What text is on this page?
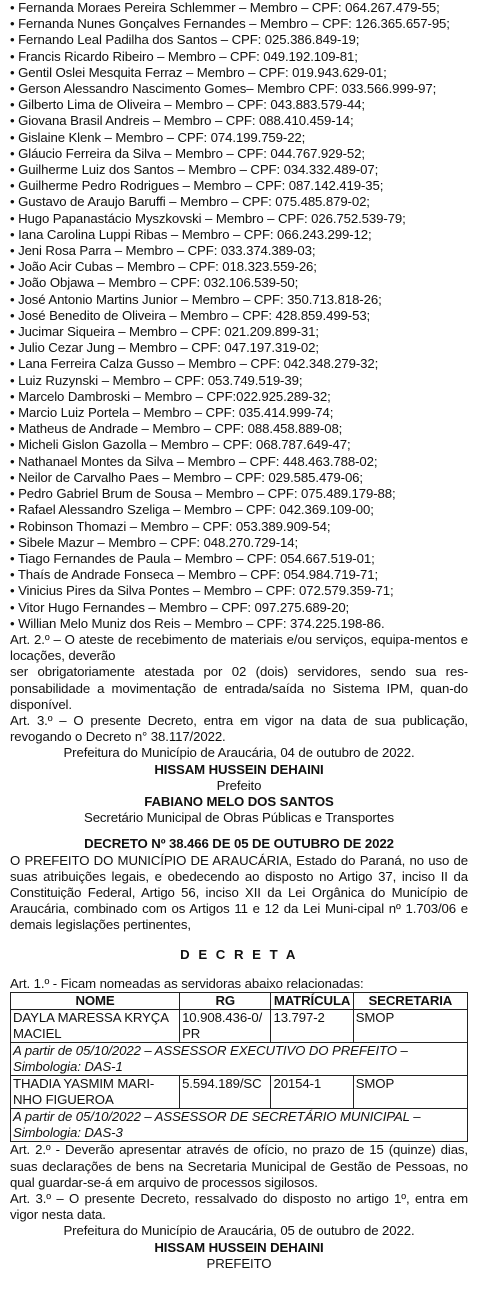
• Fernanda Moraes Pereira Schlemmer – Membro – CPF: 064.267.479-55;
• Fernanda Nunes Gonçalves Fernandes – Membro – CPF: 126.365.657-95;
• Fernando Leal Padilha dos Santos – CPF: 025.386.849-19;
• Francis Ricardo Ribeiro – Membro – CPF: 049.192.109-81;
• Gentil Oslei Mesquita Ferraz – Membro – CPF: 019.943.629-01;
• Gerson Alessandro Nascimento Gomes– Membro CPF: 033.566.999-97;
• Gilberto Lima de Oliveira – Membro – CPF: 043.883.579-44;
• Giovana Brasil Andreis – Membro – CPF: 088.410.459-14;
• Gislaine Klenk – Membro – CPF: 074.199.759-22;
• Gláucio Ferreira da Silva – Membro – CPF: 044.767.929-52;
• Guilherme Luiz dos Santos – Membro – CPF: 034.332.489-07;
• Guilherme Pedro Rodrigues – Membro – CPF: 087.142.419-35;
• Gustavo de Araujo Baruffi – Membro – CPF: 075.485.879-02;
• Hugo Papanastácio Myszkovski – Membro – CPF: 026.752.539-79;
• Iana Carolina Luppi Ribas – Membro – CPF: 066.243.299-12;
• Jeni Rosa Parra – Membro – CPF: 033.374.389-03;
• João Acir Cubas – Membro – CPF: 018.323.559-26;
• João Objawa – Membro – CPF: 032.106.539-50;
• José Antonio Martins Junior – Membro – CPF: 350.713.818-26;
• José Benedito de Oliveira – Membro – CPF: 428.859.499-53;
• Jucimar Siqueira – Membro – CPF: 021.209.899-31;
• Julio Cezar Jung – Membro – CPF: 047.197.319-02;
• Lana Ferreira Calza Gusso – Membro – CPF: 042.348.279-32;
• Luiz Ruzynski – Membro – CPF: 053.749.519-39;
• Marcelo Dambroski – Membro – CPF:022.925.289-32;
• Marcio Luiz Portela – Membro – CPF: 035.414.999-74;
• Matheus de Andrade – Membro – CPF: 088.458.889-08;
• Micheli Gislon Gazolla – Membro – CPF: 068.787.649-47;
• Nathanael Montes da Silva – Membro – CPF: 448.463.788-02;
• Neilor de Carvalho Paes – Membro – CPF: 029.585.479-06;
• Pedro Gabriel Brum de Sousa – Membro – CPF: 075.489.179-88;
• Rafael Alessandro Szeliga – Membro – CPF: 042.369.109-00;
• Robinson Thomazi – Membro – CPF: 053.389.909-54;
• Sibele Mazur – Membro – CPF: 048.270.729-14;
• Tiago Fernandes de Paula – Membro – CPF: 054.667.519-01;
• Thaís de Andrade Fonseca – Membro – CPF: 054.984.719-71;
• Vinicius Pires da Silva Pontes – Membro – CPF: 072.579.359-71;
• Vitor Hugo Fernandes – Membro – CPF: 097.275.689-20;
• Willian Melo Muniz dos Reis – Membro – CPF: 374.225.198-86.

Art. 2.º – O ateste de recebimento de materiais e/ou serviços, equipa-mentos e locações, deverão

ser obrigatoriamente atestada por 02 (dois) servidores, sendo sua res-ponsabilidade a movimentação de entrada/saída no Sistema IPM, quan-do disponível.

Art. 3.º – O presente Decreto, entra em vigor na data de sua publicação, revogando o Decreto n° 38.117/2022.

Prefeitura do Município de Araucária, 04 de outubro de 2022.

HISSAM HUSSEIN DEHAINI

Prefeito

FABIANO MELO DOS SANTOS

Secretário Municipal de Obras Públicas e Transportes

DECRETO Nº 38.466 DE 05 DE OUTUBRO DE 2022

O PREFEITO DO MUNICÍPIO DE ARAUCÁRIA, Estado do Paraná, no uso de suas atribuições legais, e obedecendo ao disposto no Artigo 37, inciso II da Constituição Federal, Artigo 56, inciso XII da Lei Orgânica do Município de Araucária, combinado com os Artigos 11 e 12 da Lei Muni-cipal nº 1.703/06 e demais legislações pertinentes,

D E C R E T A

Art. 1.º - Ficam nomeadas as servidoras abaixo relacionadas:

NOME	RG	MATRÍCULA	SECRETARIA
DAYLA MARESSA KRYÇA MACIEL	10.908.436-0/ PR	13.797-2	SMOP
A partir de 05/10/2022 – ASSESSOR EXECUTIVO DO PREFEITO – Simbologia: DAS-1			
THADIA YASMIM MARI-NHO FIGUEROA	5.594.189/SC	20154-1	SMOP
A partir de 05/10/2022 – ASSESSOR DE SECRETÁRIO MUNICIPAL – Simbologia: DAS-3			

Art. 2.º - Deverão apresentar através de ofício, no prazo de 15 (quinze) dias, suas declarações de bens na Secretaria Municipal de Gestão de Pessoas, no qual guardar-se-á em arquivo de processos sigilosos.

Art. 3.º – O presente Decreto, ressalvado do disposto no artigo 1º, entra em vigor nesta data.

Prefeitura do Município de Araucária, 05 de outubro de 2022.

HISSAM HUSSEIN DEHAINI

PREFEITO
